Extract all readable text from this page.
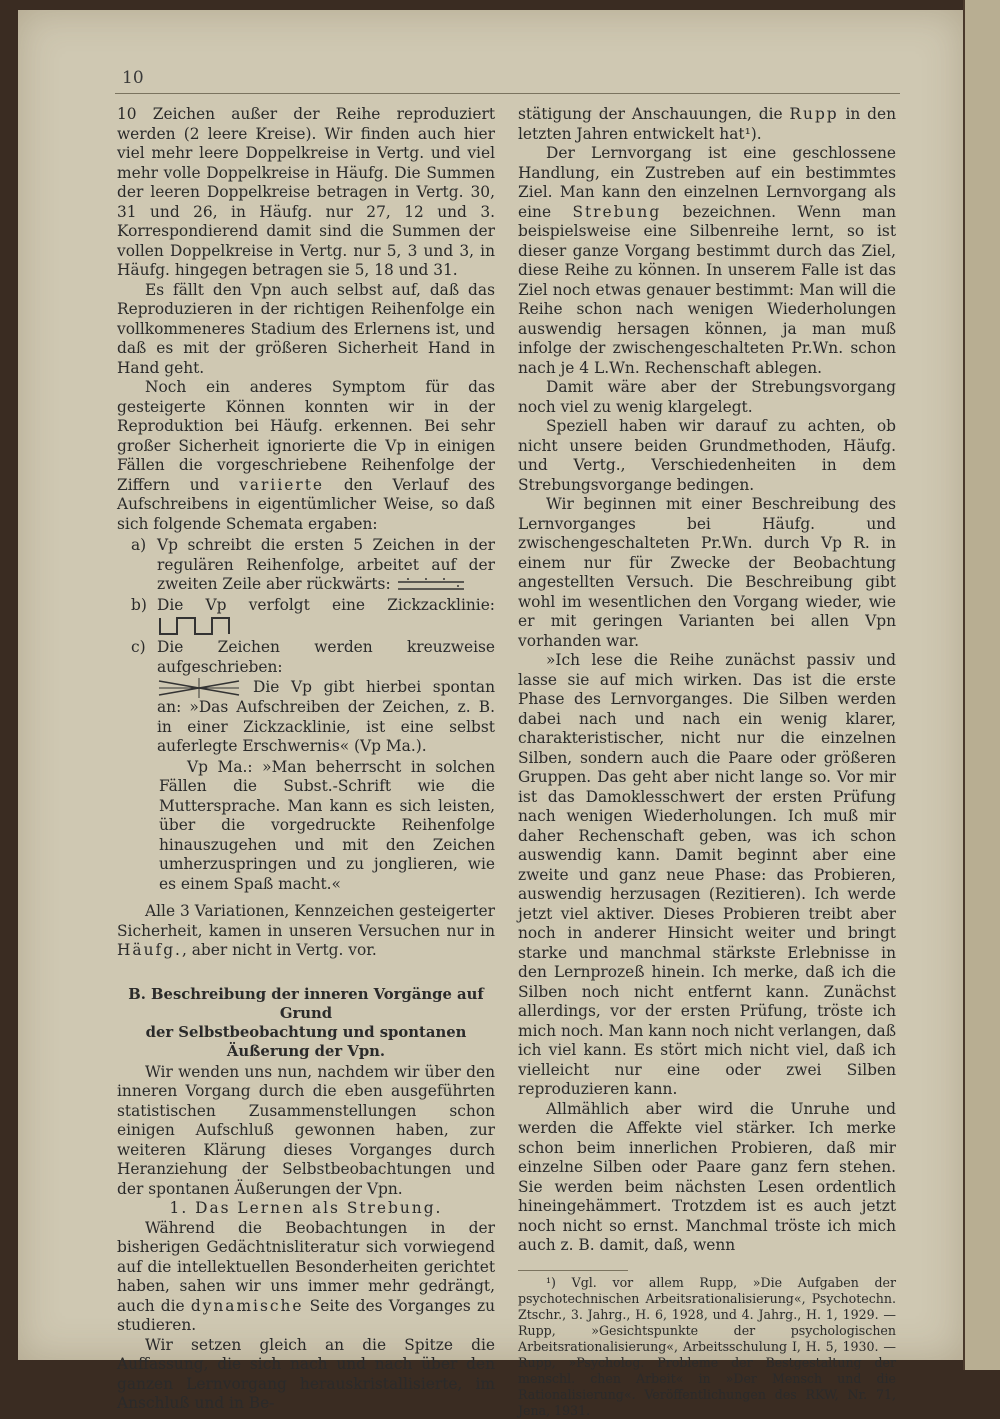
10

10 Zeichen außer der Reihe reproduziert werden (2 leere Kreise). Wir finden auch hier viel mehr leere Doppelkreise in Vertg. und viel mehr volle Doppelkreise in Häufg. Die Summen der leeren Doppelkreise betragen in Vertg. 30, 31 und 26, in Häufg. nur 27, 12 und 3. Korrespondierend damit sind die Summen der vollen Doppelkreise in Vertg. nur 5, 3 und 3, in Häufg. hingegen betragen sie 5, 18 und 31.

Es fällt den Vpn auch selbst auf, daß das Reproduzieren in der richtigen Reihenfolge ein vollkommeneres Stadium des Erlernens ist, und daß es mit der größeren Sicherheit Hand in Hand geht.

Noch ein anderes Symptom für das gesteigerte Können konnten wir in der Reproduktion bei Häufg. erkennen. Bei sehr großer Sicherheit ignorierte die Vp in einigen Fällen die vorgeschriebene Reihenfolge der Ziffern und variierte den Verlauf des Aufschreibens in eigentümlicher Weise, so daß sich folgende Schemata ergaben:

a) Vp schreibt die ersten 5 Zeichen in der regulären Reihenfolge, arbeitet auf der zweiten Zeile aber rückwärts:
b) Die Vp verfolgt eine Zickzacklinie:
c) Die Zeichen werden kreuzweise aufgeschrieben:
Die Vp gibt hierbei spontan an: »Das Aufschreiben der Zeichen, z. B. in einer Zickzacklinie, ist eine selbst auferlegte Erschwernis« (Vp Ma.).

Vp Ma.: »Man beherrscht in solchen Fällen die Subst.-Schrift wie die Muttersprache. Man kann es sich leisten, über die vorgedruckte Reihenfolge hinauszugehen und mit den Zeichen umherzuspringen und zu jonglieren, wie es einem Spaß macht.«

Alle 3 Variationen, Kennzeichen gesteigerter Sicherheit, kamen in unseren Versuchen nur in Häufg., aber nicht in Vertg. vor.

B. Beschreibung der inneren Vorgänge auf Grund
der Selbstbeobachtung und spontanen
Äußerung der Vpn.

Wir wenden uns nun, nachdem wir über den inneren Vorgang durch die eben ausgeführten statistischen Zusammenstellungen schon einigen Aufschluß gewonnen haben, zur weiteren Klärung dieses Vorganges durch Heranziehung der Selbstbeobachtungen und der spontanen Äußerungen der Vpn.

1. Das Lernen als Strebung.

Während die Beobachtungen in der bisherigen Gedächtnisliteratur sich vorwiegend auf die intellektuellen Besonderheiten gerichtet haben, sahen wir uns immer mehr gedrängt, auch die dynamische Seite des Vorganges zu studieren.

Wir setzen gleich an die Spitze die Auffassung, die sich nach und nach über den ganzen Lernvorgang herauskristallisierte, im Anschluß und in Be-

stätigung der Anschauungen, die Rupp in den letzten Jahren entwickelt hat¹).

Der Lernvorgang ist eine geschlossene Handlung, ein Zustreben auf ein bestimmtes Ziel. Man kann den einzelnen Lernvorgang als eine Strebung bezeichnen. Wenn man beispielsweise eine Silbenreihe lernt, so ist dieser ganze Vorgang bestimmt durch das Ziel, diese Reihe zu können. In unserem Falle ist das Ziel noch etwas genauer bestimmt: Man will die Reihe schon nach wenigen Wiederholungen auswendig hersagen können, ja man muß infolge der zwischengeschalteten Pr.Wn. schon nach je 4 L.Wn. Rechenschaft ablegen.

Damit wäre aber der Strebungsvorgang noch viel zu wenig klargelegt.

Speziell haben wir darauf zu achten, ob nicht unsere beiden Grundmethoden, Häufg. und Vertg., Verschiedenheiten in dem Strebungsvorgange bedingen.

Wir beginnen mit einer Beschreibung des Lernvorganges bei Häufg. und zwischengeschalteten Pr.Wn. durch Vp R. in einem nur für Zwecke der Beobachtung angestellten Versuch. Die Beschreibung gibt wohl im wesentlichen den Vorgang wieder, wie er mit geringen Varianten bei allen Vpn vorhanden war.

»Ich lese die Reihe zunächst passiv und lasse sie auf mich wirken. Das ist die erste Phase des Lernvorganges. Die Silben werden dabei nach und nach ein wenig klarer, charakteristischer, nicht nur die einzelnen Silben, sondern auch die Paare oder größeren Gruppen. Das geht aber nicht lange so. Vor mir ist das Damoklesschwert der ersten Prüfung nach wenigen Wiederholungen. Ich muß mir daher Rechenschaft geben, was ich schon auswendig kann. Damit beginnt aber eine zweite und ganz neue Phase: das Probieren, auswendig herzusagen (Rezitieren). Ich werde jetzt viel aktiver. Dieses Probieren treibt aber noch in anderer Hinsicht weiter und bringt starke und manchmal stärkste Erlebnisse in den Lernprozeß hinein. Ich merke, daß ich die Silben noch nicht entfernt kann. Zunächst allerdings, vor der ersten Prüfung, tröste ich mich noch. Man kann noch nicht verlangen, daß ich viel kann. Es stört mich nicht viel, daß ich vielleicht nur eine oder zwei Silben reproduzieren kann.

Allmählich aber wird die Unruhe und werden die Affekte viel stärker. Ich merke schon beim innerlichen Probieren, daß mir einzelne Silben oder Paare ganz fern stehen. Sie werden beim nächsten Lesen ordentlich hineingehämmert. Trotzdem ist es auch jetzt noch nicht so ernst. Manchmal tröste ich mich auch z. B. damit, daß, wenn

¹) Vgl. vor allem Rupp, »Die Aufgaben der psychotechnischen Arbeitsrationalisierung«, Psychotechn. Ztschr., 3. Jahrg., H. 6, 1928, und 4. Jahrg., H. 1, 1929. — Rupp, »Gesichtspunkte der psychologischen Arbeitsrationalisierung«, Arbeitsschulung I, H. 5, 1930. — Rupp, »Psycholog. Probleme der Bestgestaltung der menschl. chen Arbeit« in »Der Mensch und die Rationalisierung«. Veröffentlichungen des RKW, Nr. 71, Jena, 1931.
